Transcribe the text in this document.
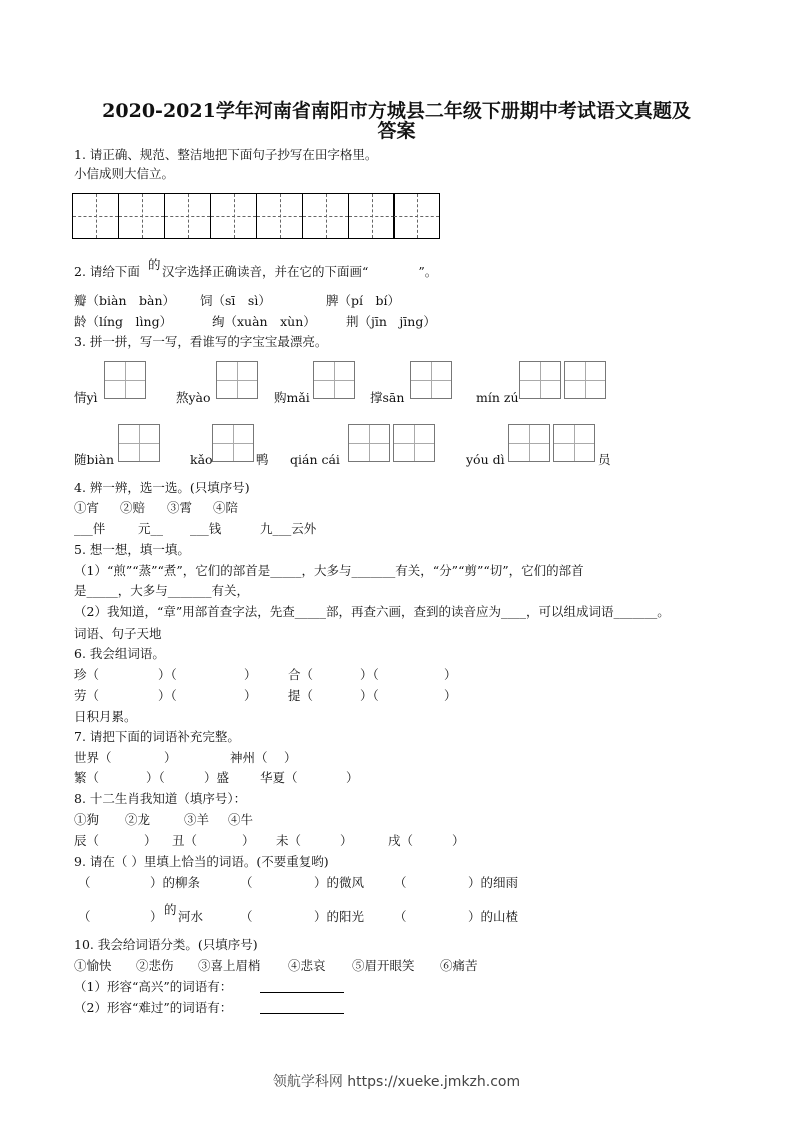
2020-2021学年河南省南阳市方城县二年级下册期中考试语文真题及
答案
1. 请正确、规范、整洁地把下面句子抄写在田字格里。
小信成则大信立。
2. 请给下面 的 汉字选择正确读音，并在它的下面画“　　　　”。
瓣（biàn　bàn） 饲（sī　sì）	脾（pí　bí）
龄（líng　lìng）	绚（xuàn　xùn） 荆（jīn　jīng）
3. 拼一拼，写一写，看谁写的字宝宝最漂亮。
情yì	熬yào	购mǎi	撑sān	mín zú
随biàn	kǎo	鸭 qián cái	yóu dì	员
4. 辨一辨，选一选。(只填序号)
①宵 ②赔 ③霄 ④陪
___伴	元__ ___钱	九___云外
5. 想一想，填一填。
（1）“煎”“蒸”“煮”，它们的部首是_____，大多与_______有关，“分”“剪”“切”，它们的部首
是_____，大多与_______有关，
（2）我知道，“章”用部首查字法，先查_____部，再查六画，查到的读音应为____，可以组成词语_______。
词语、句子天地
6. 我会组词语。
珍（	）（	）	合（	）（	）
劳（	）（	）	提（	）（	）
日积月累。
7. 请把下面的词语补充完整。
世界（	）	神州（ ）
繁（	）（	）盛 华夏（	）
8. 十二生肖我知道（填序号）：
①狗 ②龙	③羊 ④牛
辰（	） 丑（	） 未（	）	戌（	）
9. 请在（ ）里填上恰当的词语。(不要重复哟)
（	）的柳条	（	）的微风 （	）的细雨
（	） 的 河水	（	）的阳光 （	）的山楂
10. 我会给词语分类。(只填序号)
①愉快 ②悲伤 ③喜上眉梢 ④悲哀 ⑤眉开眼笑 ⑥痛苦
（1）形容“高兴”的词语有：
（2）形容“难过”的词语有：
领航学科网 https://xueke.jmkzh.com
